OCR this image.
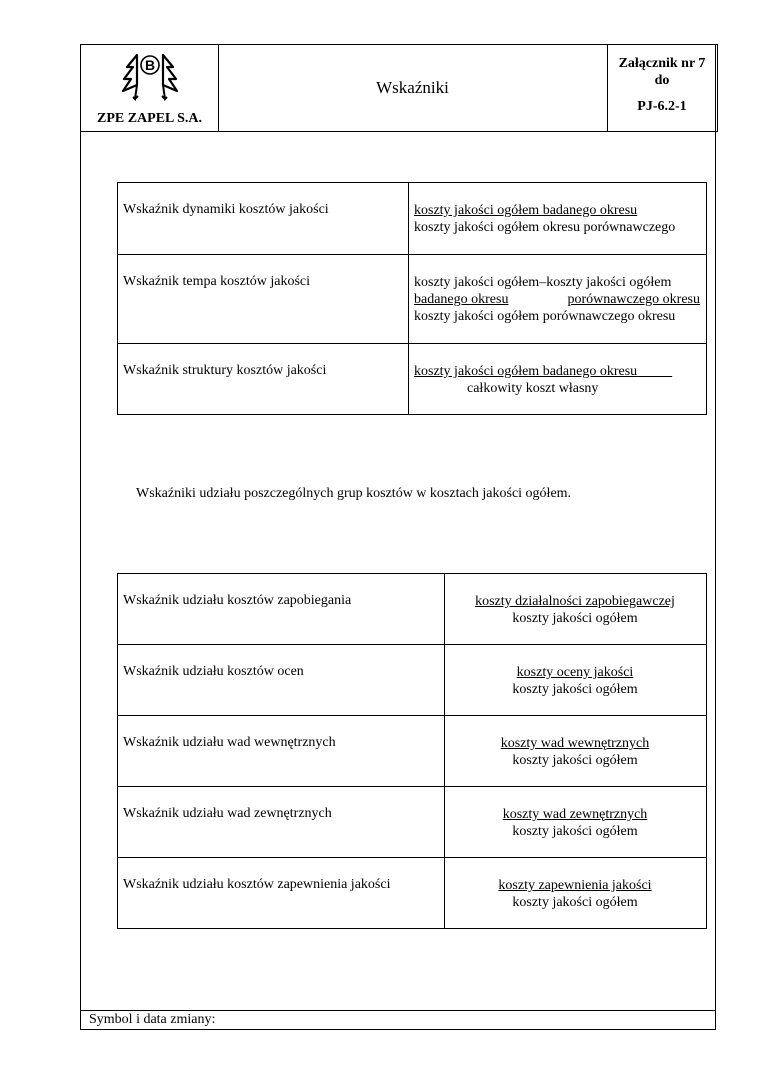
B
ZPE ZAPEL S.A.
Wskaźniki
Załącznik nr 7
do
PJ-6.2-1
Wskaźnik dynamiki kosztów jakości	koszty jakości ogółem badanego okresu
koszty jakości ogółem okresu porównawczego

Wskaźnik tempa kosztów jakości	koszty jakości ogółem–koszty jakości ogółem
badanego okresu porównawczego okresu
koszty jakości ogółem porównawczego okresu

Wskaźnik struktury kosztów jakości	koszty jakości ogółem badanego okresu
całkowity koszt własny
Wskaźniki udziału poszczególnych grup kosztów w kosztach jakości ogółem.
Wskaźnik udziału kosztów zapobiegania	koszty działalności zapobiegawczej
koszty jakości ogółem

Wskaźnik udziału kosztów ocen	koszty oceny jakości
koszty jakości ogółem

Wskaźnik udziału wad wewnętrznych	koszty wad wewnętrznych
koszty jakości ogółem

Wskaźnik udziału wad zewnętrznych	koszty wad zewnętrznych
koszty jakości ogółem

Wskaźnik udziału kosztów zapewnienia jakości	koszty zapewnienia jakości
koszty jakości ogółem
Symbol i data zmiany:
